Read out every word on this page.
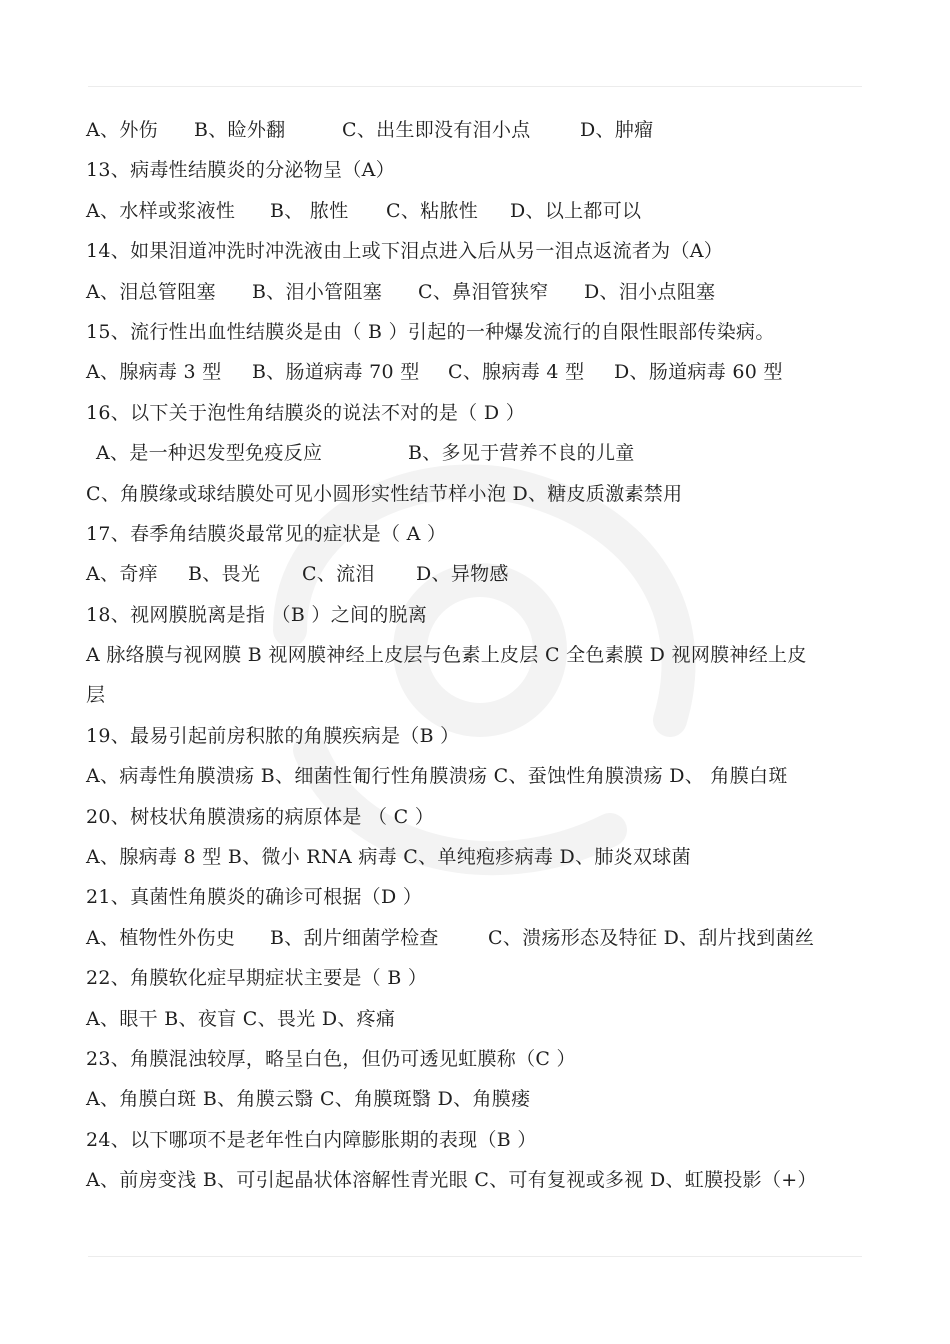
A、外伤 B、睑外翻	C、出生即没有泪小点	D、肿瘤
13、病毒性结膜炎的分泌物呈（A）
A、水样或浆液性 B、 脓性 C、粘脓性 D、以上都可以
14、如果泪道冲洗时冲洗液由上或下泪点进入后从另一泪点返流者为（A）
A、泪总管阻塞 B、泪小管阻塞 C、鼻泪管狭窄 D、泪小点阻塞
15、流行性出血性结膜炎是由（ B ）引起的一种爆发流行的自限性眼部传染病。
A、腺病毒 3 型 B、肠道病毒 70 型 C、腺病毒 4 型 D、肠道病毒 60 型
16、以下关于泡性角结膜炎的说法不对的是（ D ）
A、是一种迟发型免疫反应	B、多见于营养不良的儿童
C、角膜缘或球结膜处可见小圆形实性结节样小泡 D、糖皮质激素禁用
17、春季角结膜炎最常见的症状是（ A ）
A、奇痒 B、畏光 C、流泪 D、异物感
18、视网膜脱离是指 （B ）之间的脱离
A 脉络膜与视网膜 B 视网膜神经上皮层与色素上皮层 C 全色素膜 D 视网膜神经上皮
层
19、最易引起前房积脓的角膜疾病是（B ）
A、病毒性角膜溃疡 B、细菌性匍行性角膜溃疡 C、蚕蚀性角膜溃疡 D、 角膜白斑
20、树枝状角膜溃疡的病原体是 （ C ）
A、腺病毒 8 型 B、微小 RNA 病毒 C、单纯疱疹病毒 D、肺炎双球菌
21、真菌性角膜炎的确诊可根据（D ）
A、植物性外伤史 B、刮片细菌学检查	C、溃疡形态及特征 D、刮片找到菌丝
22、角膜软化症早期症状主要是（ B ）
A、眼干 B、夜盲 C、畏光 D、疼痛
23、角膜混浊较厚，略呈白色，但仍可透见虹膜称（C ）
A、角膜白斑 B、角膜云翳 C、角膜斑翳 D、角膜瘘
24、以下哪项不是老年性白内障膨胀期的表现（B ）
A、前房变浅 B、可引起晶状体溶解性青光眼 C、可有复视或多视 D、虹膜投影（+）
